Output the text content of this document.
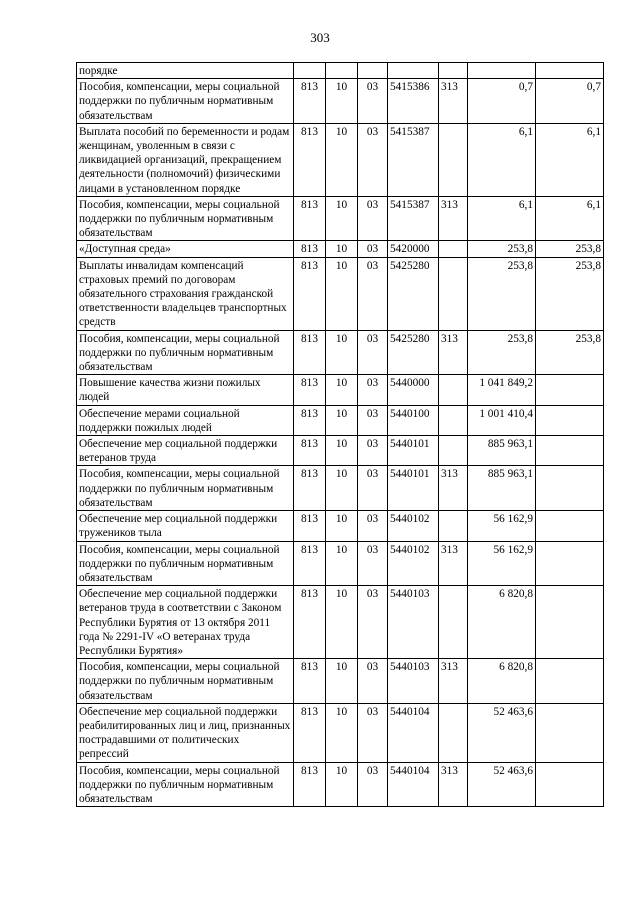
303
порядке							
Пособия, компенсации, меры социальной поддержки по публичным нормативным обязательствам	813	10	03	5415386	313	0,7	0,7
Выплата пособий по беременности и родам женщинам, уволенным в связи с ликвидацией организаций, прекращением деятельности (полномочий) физическими лицами в установленном порядке	813	10	03	5415387		6,1	6,1
Пособия, компенсации, меры социальной поддержки по публичным нормативным обязательствам	813	10	03	5415387	313	6,1	6,1
«Доступная среда»	813	10	03	5420000		253,8	253,8
Выплаты инвалидам компенсаций страховых премий по договорам обязательного страхования гражданской ответственности владельцев транспортных средств	813	10	03	5425280		253,8	253,8
Пособия, компенсации, меры социальной поддержки по публичным нормативным обязательствам	813	10	03	5425280	313	253,8	253,8
Повышение качества жизни пожилых людей	813	10	03	5440000		1 041 849,2	
Обеспечение мерами социальной поддержки пожилых людей	813	10	03	5440100		1 001 410,4	
Обеспечение мер социальной поддержки ветеранов труда	813	10	03	5440101		885 963,1	
Пособия, компенсации, меры социальной поддержки по публичным нормативным обязательствам	813	10	03	5440101	313	885 963,1	
Обеспечение мер социальной поддержки тружеников тыла	813	10	03	5440102		56 162,9	
Пособия, компенсации, меры социальной поддержки по публичным нормативным обязательствам	813	10	03	5440102	313	56 162,9	
Обеспечение мер социальной поддержки ветеранов труда в соответствии с Законом Республики Бурятия от 13 октября 2011 года № 2291-IV «О ветеранах труда Республики Бурятия»	813	10	03	5440103		6 820,8	
Пособия, компенсации, меры социальной поддержки по публичным нормативным обязательствам	813	10	03	5440103	313	6 820,8	
Обеспечение мер социальной поддержки реабилитированных лиц и лиц, признанных пострадавшими от политических репрессий	813	10	03	5440104		52 463,6	
Пособия, компенсации, меры социальной поддержки по публичным нормативным обязательствам	813	10	03	5440104	313	52 463,6	
